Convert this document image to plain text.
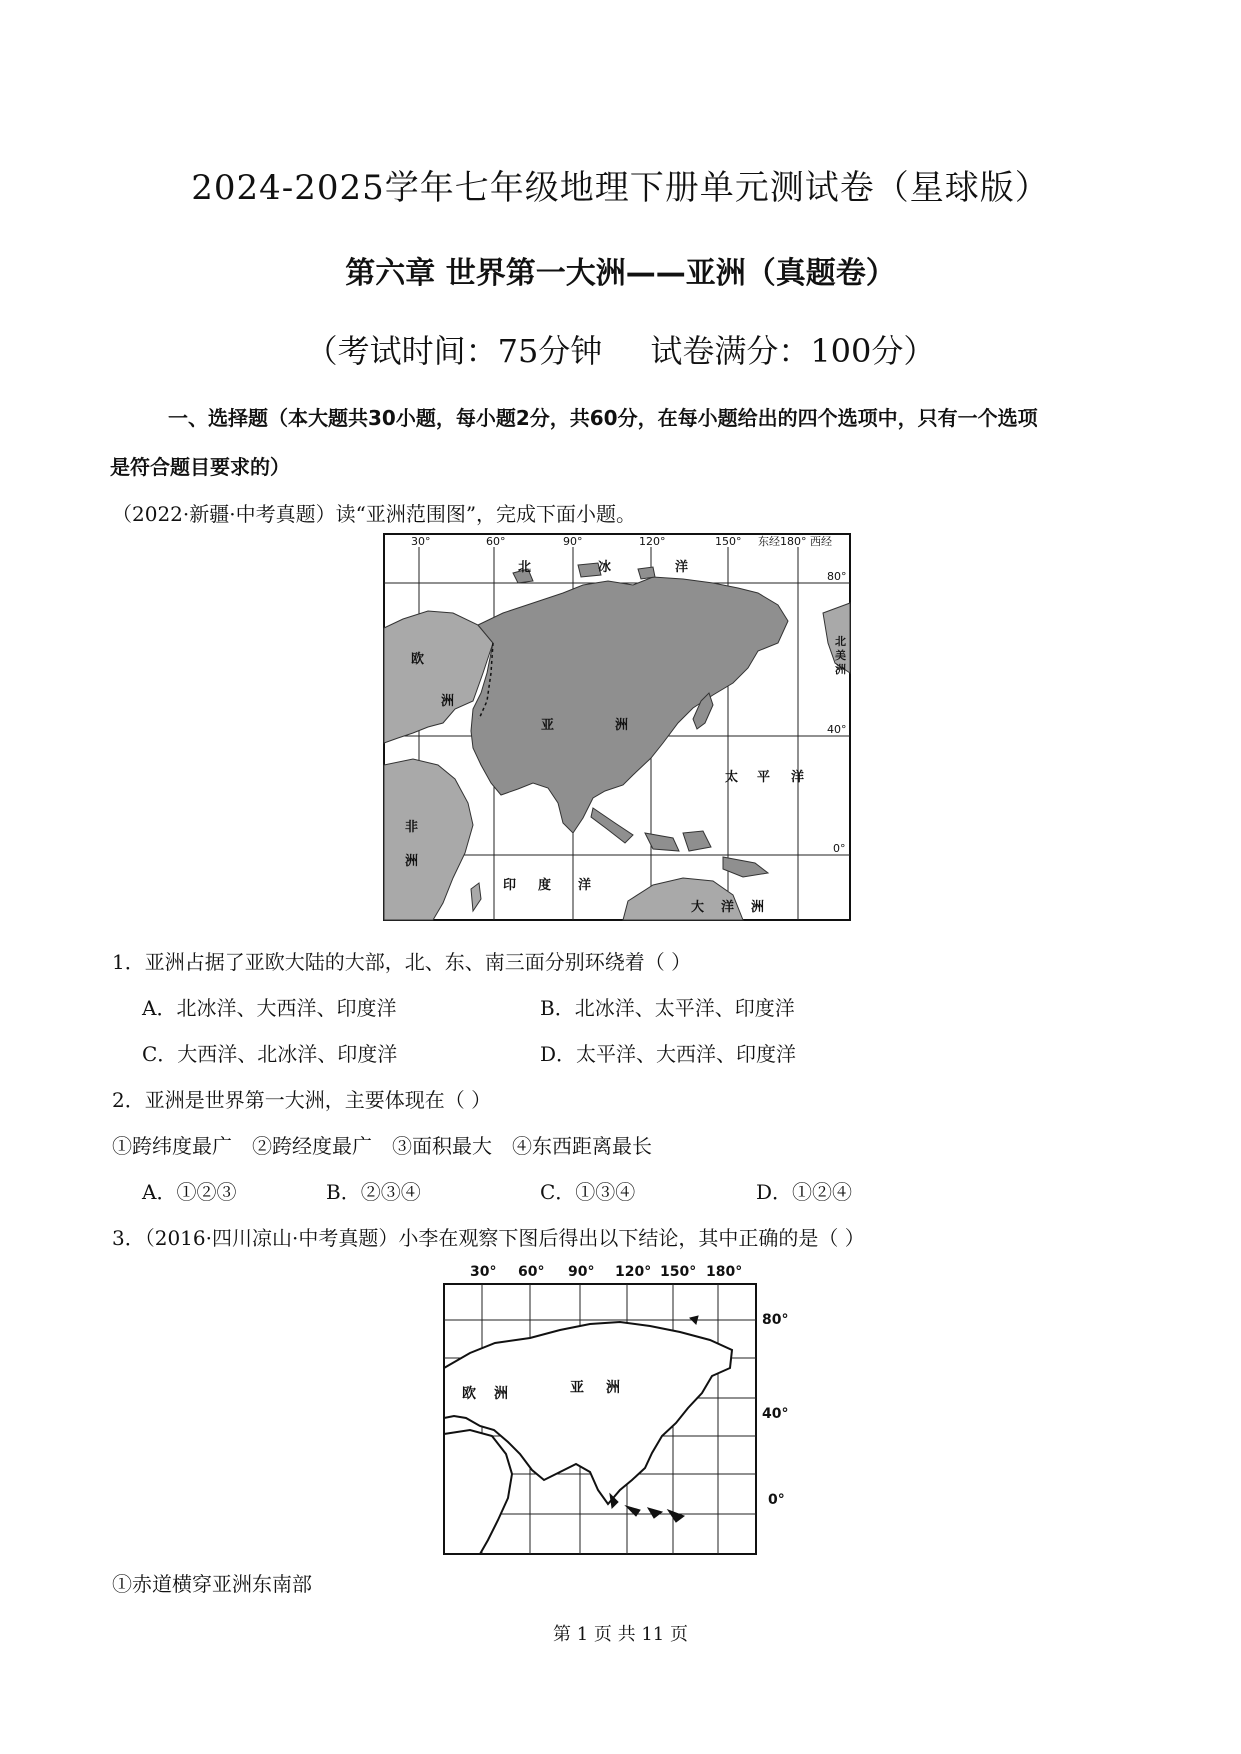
2024-2025学年七年级地理下册单元测试卷（星球版）
第六章 世界第一大洲——亚洲（真题卷）
（考试时间：75分钟 试卷满分：100分）
一、选择题（本大题共30小题，每小题2分，共60分，在每小题给出的四个选项中，只有一个选项
是符合题目要求的）
（2022·新疆·中考真题）读“亚洲范围图”，完成下面小题。
30°	60°	90°	120°	150° 东经180° 西经
80°
40°
0°
北	冰	洋
欧
洲
亚	洲
非
洲
印 度 洋
太 平 洋
大 洋 洲
北
美
洲
1．亚洲占据了亚欧大陆的大部，北、东、南三面分别环绕着（ ）
A．北冰洋、大西洋、印度洋	B．北冰洋、太平洋、印度洋
C．大西洋、北冰洋、印度洋	D．太平洋、大西洋、印度洋
2．亚洲是世界第一大洲，主要体现在（ ）
①跨纬度最广　②跨经度最广　③面积最大　④东西距离最长
A．①②③	B．②③④	C．①③④	D．①②④
3．（2016·四川凉山·中考真题）小李在观察下图后得出以下结论，其中正确的是（ ）
30° 60° 90° 120° 150° 180°
欧 洲	亚 洲
80°
40°
0°
①赤道横穿亚洲东南部
第 1 页 共 11 页
